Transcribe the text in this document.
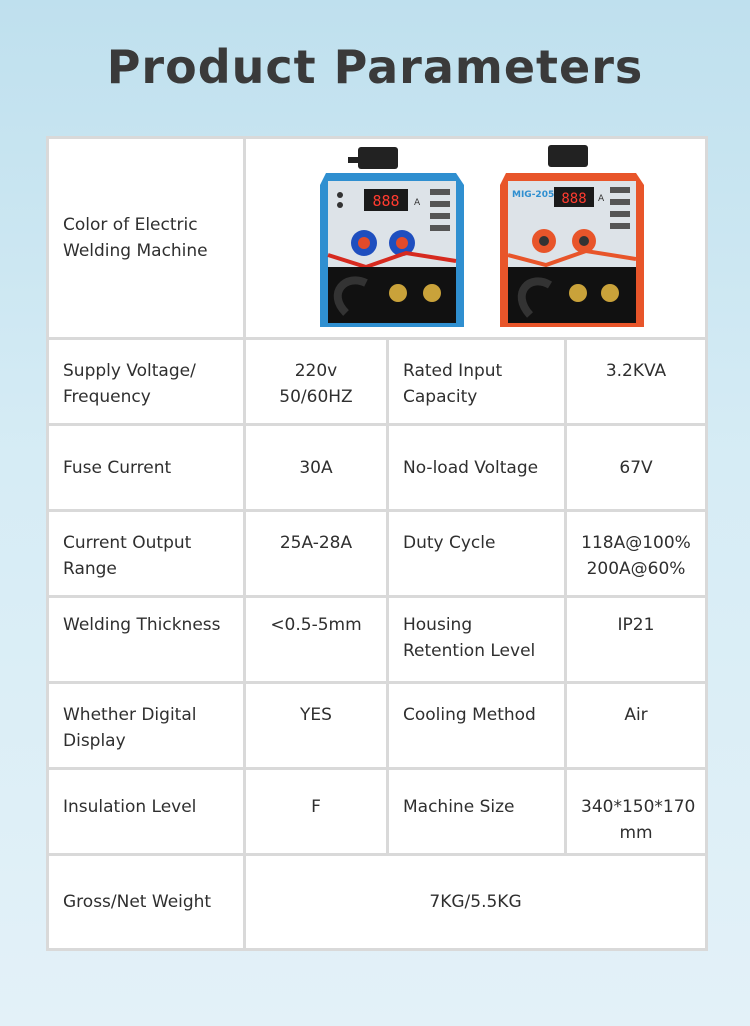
Product Parameters
Color of Electric Welding Machine	888 A
MIG-205 888 A		

Supply Voltage/ Frequency	220v 50/60HZ	Rated Input Capacity	3.2KVA
Fuse Current	30A	No-load Voltage	67V
Current Output Range	25A-28A	Duty Cycle	118A@100% 200A@60%
Welding Thickness	<0.5-5mm	Housing Retention Level	IP21
Whether Digital Display	YES	Cooling Method	Air
Insulation Level	F	Machine Size	340*150*170 mm
Gross/Net Weight	7KG/5.5KG		
